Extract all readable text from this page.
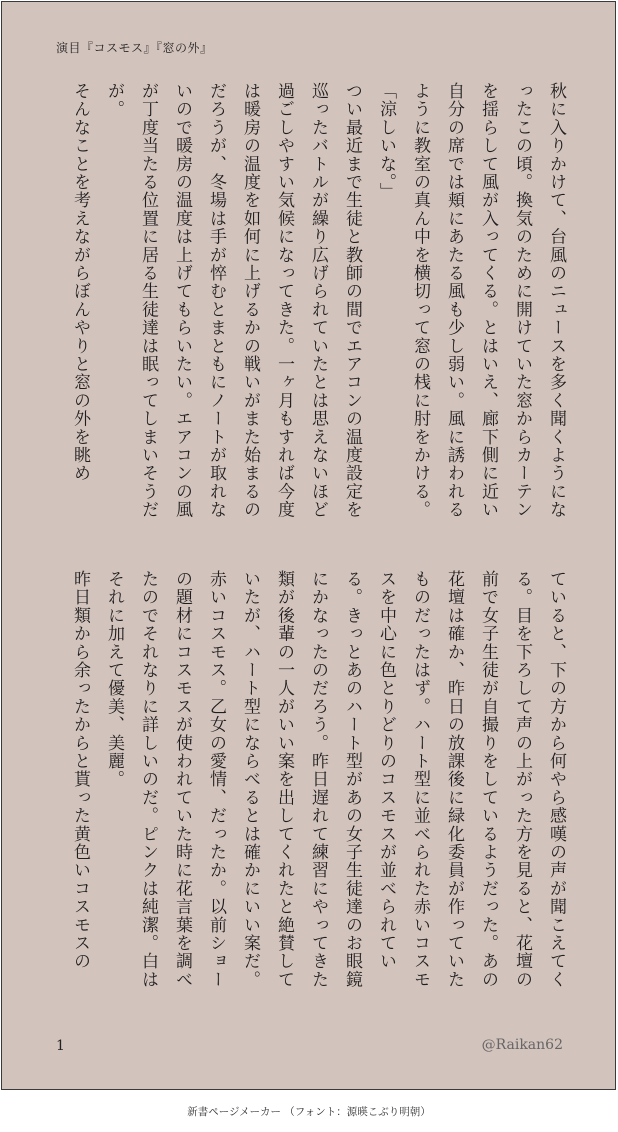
演目『コスモス』『窓の外』

秋に入りかけて、台風のニュースを多く聞くようになったこの頃。換気のために開けていた窓からカーテンを揺らして風が入ってくる。とはいえ、廊下側に近い自分の席では頬にあたる風も少し弱い。風に誘われるように教室の真ん中を横切って窓の桟に肘をかける。

「涼しいな。」

つい最近まで生徒と教師の間でエアコンの温度設定を巡ったバトルが繰り広げられていたとは思えないほど過ごしやすい気候になってきた。一ヶ月もすれば今度は暖房の温度を如何に上げるかの戦いがまた始まるのだろうが、冬場は手が悴むとまともにノートが取れないので暖房の温度は上げてもらいたい。エアコンの風が丁度当たる位置に居る生徒達は眠ってしまいそうだが。

そんなことを考えながらぼんやりと窓の外を眺め

ていると、下の方から何やら感嘆の声が聞こえてくる。目を下ろして声の上がった方を見ると、花壇の前で女子生徒が自撮りをしているようだった。あの花壇は確か、昨日の放課後に緑化委員が作っていたものだったはず。ハート型に並べられた赤いコスモスを中心に色とりどりのコスモスが並べられている。きっとあのハート型があの女子生徒達のお眼鏡にかなったのだろう。昨日遅れて練習にやってきた類が後輩の一人がいい案を出してくれたと絶賛していたが、ハート型にならべるとは確かにいい案だ。赤いコスモス。乙女の愛情、だったか。以前ショーの題材にコスモスが使われていた時に花言葉を調べたのでそれなりに詳しいのだ。ピンクは純潔。白はそれに加えて優美、美麗。

昨日類から余ったからと貰った黄色いコスモスの

1	@Raikan62
新書ページメーカー （フォント：源暎こぶり明朝）
